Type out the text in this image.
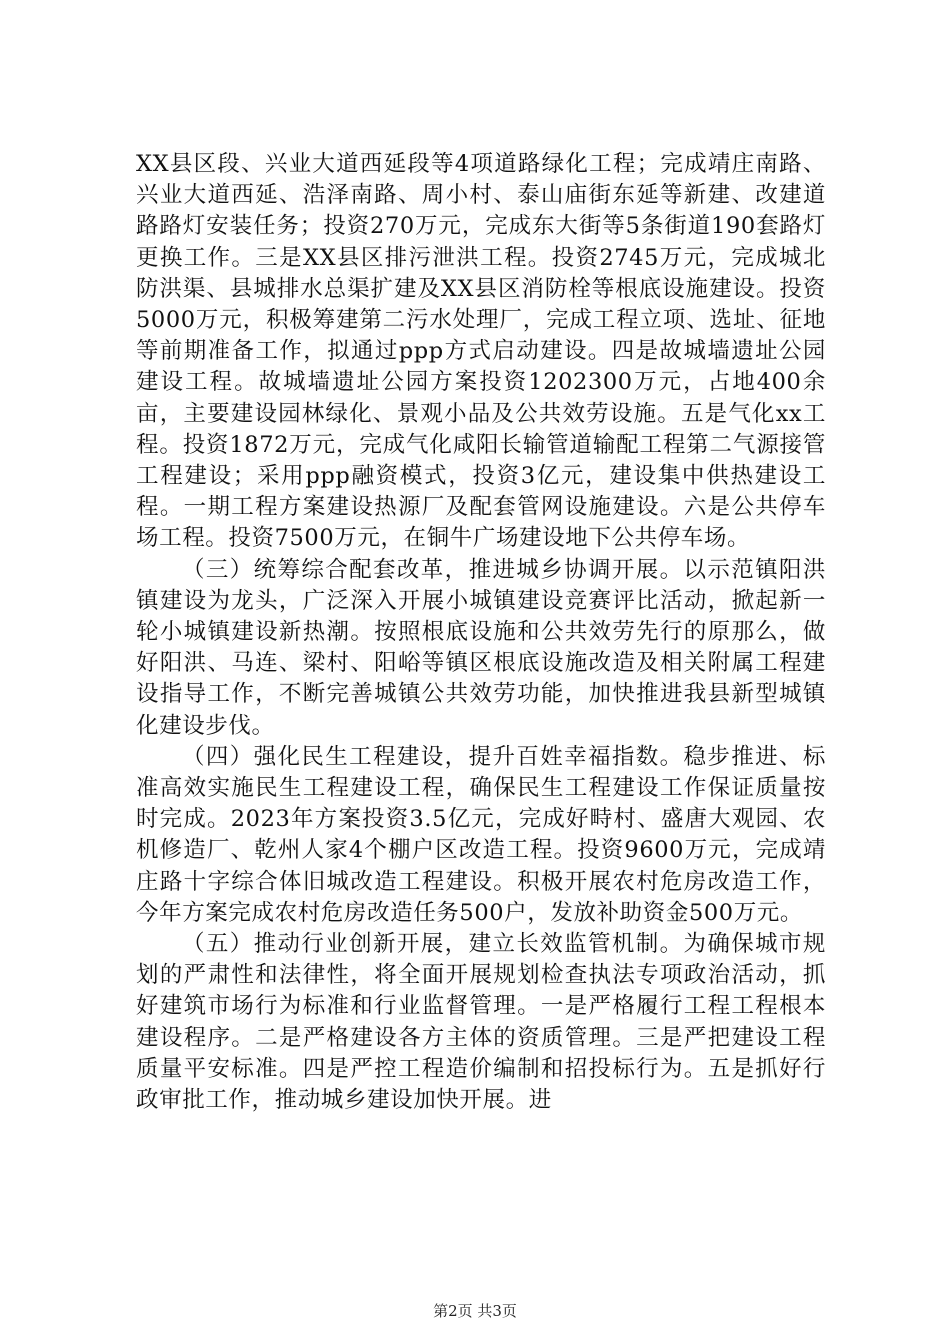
XX县区段、兴业大道西延段等4项道路绿化工程；完成靖庄南路、兴业大道西延、浩泽南路、周小村、泰山庙街东延等新建、改建道路路灯安装任务；投资270万元，完成东大街等5条街道190套路灯更换工作。三是XX县区排污泄洪工程。投资2745万元，完成城北防洪渠、县城排水总渠扩建及XX县区消防栓等根底设施建设。投资5000万元，积极筹建第二污水处理厂，完成工程立项、选址、征地等前期准备工作，拟通过ppp方式启动建设。四是故城墙遗址公园建设工程。故城墙遗址公园方案投资1202300万元，占地400余亩，主要建设园林绿化、景观小品及公共效劳设施。五是气化xx工程。投资1872万元，完成气化咸阳长输管道输配工程第二气源接管工程建设；采用ppp融资模式，投资3亿元，建设集中供热建设工程。一期工程方案建设热源厂及配套管网设施建设。六是公共停车场工程。投资7500万元，在铜牛广场建设地下公共停车场。

（三）统筹综合配套改革，推进城乡协调开展。以示范镇阳洪镇建设为龙头，广泛深入开展小城镇建设竞赛评比活动，掀起新一轮小城镇建设新热潮。按照根底设施和公共效劳先行的原那么，做好阳洪、马连、梁村、阳峪等镇区根底设施改造及相关附属工程建设指导工作，不断完善城镇公共效劳功能，加快推进我县新型城镇化建设步伐。

（四）强化民生工程建设，提升百姓幸福指数。稳步推进、标准高效实施民生工程建设工程，确保民生工程建设工作保证质量按时完成。2023年方案投资3.5亿元，完成好畤村、盛唐大观园、农机修造厂、乾州人家4个棚户区改造工程。投资9600万元，完成靖庄路十字综合体旧城改造工程建设。积极开展农村危房改造工作，今年方案完成农村危房改造任务500户，发放补助资金500万元。

（五）推动行业创新开展，建立长效监管机制。为确保城市规划的严肃性和法律性，将全面开展规划检查执法专项政治活动，抓好建筑市场行为标准和行业监督管理。一是严格履行工程工程根本建设程序。二是严格建设各方主体的资质管理。三是严把建设工程质量平安标准。四是严控工程造价编制和招投标行为。五是抓好行政审批工作，推动城乡建设加快开展。进

第2页 共3页
